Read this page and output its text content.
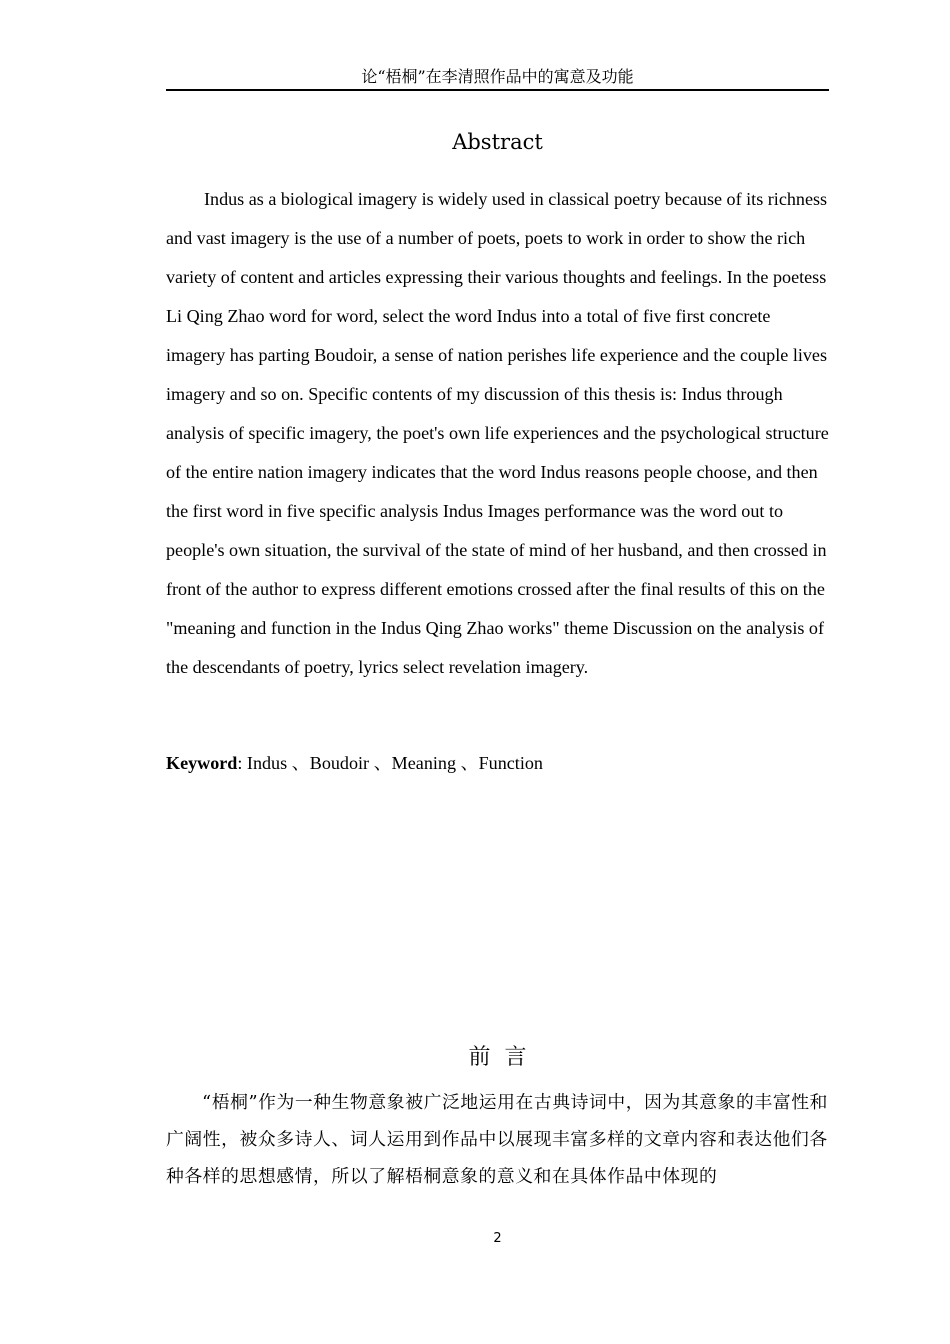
论“梧桐”在李清照作品中的寓意及功能
Abstract

Indus as a biological imagery is widely used in classical poetry because of its richness and vast imagery is the use of a number of poets, poets to work in order to show the rich variety of content and articles expressing their various thoughts and feelings. In the poetess Li Qing Zhao word for word, select the word Indus into a total of five first concrete imagery has parting Boudoir, a sense of nation perishes life experience and the couple lives imagery and so on. Specific contents of my discussion of this thesis is: Indus through analysis of specific imagery, the poet's own life experiences and the psychological structure of the entire nation imagery indicates that the word Indus reasons people choose, and then the first word in five specific analysis Indus Images performance was the word out to people's own situation, the survival of the state of mind of her husband, and then crossed in front of the author to express different emotions crossed after the final results of this on the "meaning and function in the Indus Qing Zhao works" theme Discussion on the analysis of the descendants of poetry, lyrics select revelation imagery.

Keyword: Indus 、Boudoir 、Meaning 、Function
前  言

“梧桐”作为一种生物意象被广泛地运用在古典诗词中，因为其意象的丰富性和广阔性，被众多诗人、词人运用到作品中以展现丰富多样的文章内容和表达他们各种各样的思想感情，所以了解梧桐意象的意义和在具体作品中体现的

2
